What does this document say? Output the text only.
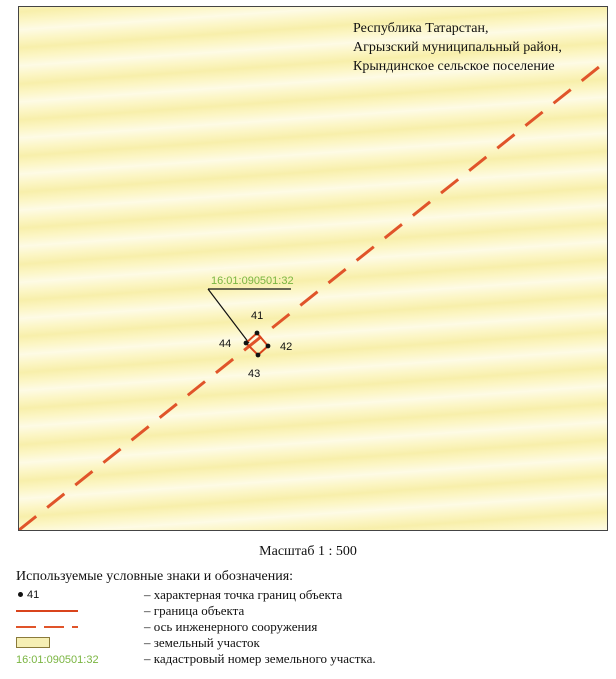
16:01:090501:32
41
42
43
44
Республика Татарстан,
Агрызский муниципальный район,
Крындинское сельское поселение
Масштаб 1 : 500
Используемые условные знаки и обозначения:
41	– характерная точка границ объекта
– граница объекта
– ось инженерного сооружения
– земельный участок
16:01:090501:32	– кадастровый номер земельного участка.
